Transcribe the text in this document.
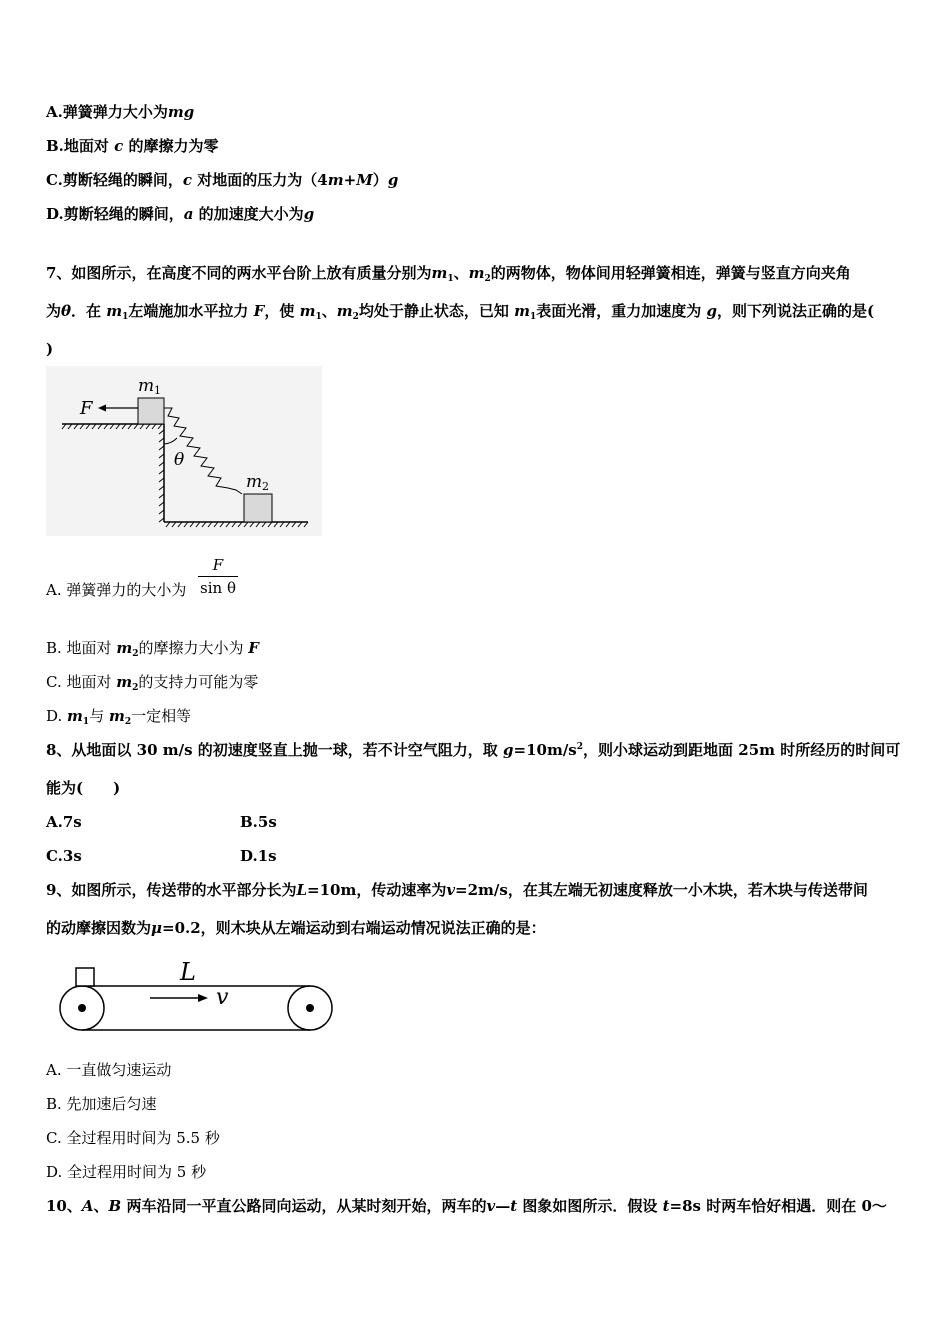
A.弹簧弹力大小为mg
B.地面对 c 的摩擦力为零
C.剪断轻绳的瞬间，c 对地面的压力为（4m+M）g
D.剪断轻绳的瞬间，a 的加速度大小为g
7、如图所示，在高度不同的两水平台阶上放有质量分别为$m_1$、$m_2$的两物体，物体间用轻弹簧相连，弹簧与竖直方向夹角
为θ．在 $m_1$左端施加水平拉力 F，使 $m_1$、$m_2$均处于静止状态，已知 $m_1$表面光滑，重力加速度为 g，则下列说法正确的是(
)
F
m 1
θ
m 2
A. 弹簧弹力的大小为
F
sin θ
B. 地面对 $m_2$的摩擦力大小为 F
C. 地面对 $m_2$的支持力可能为零
D. $m_1$与 $m_2$一定相等
8、从地面以 30 m/s 的初速度竖直上抛一球，若不计空气阻力，取 $g=10m/s^2$，则小球运动到距地面 25m 时所经历的时间可
能为(　　)
A.7s	B.5s
C.3s	D.1s
9、如图所示，传送带的水平部分长为L=10m，传动速率为v=2m/s，在其左端无初速度释放一小木块，若木块与传送带间
的动摩擦因数为μ=0.2，则木块从左端运动到右端运动情况说法正确的是：
L
v
A. 一直做匀速运动
B. 先加速后匀速
C. 全过程用时间为 5.5 秒
D. 全过程用时间为 5 秒
10、A、B 两车沿同一平直公路同向运动，从某时刻开始，两车的v—t 图象如图所示．假设 t=8s 时两车恰好相遇．则在 0～
